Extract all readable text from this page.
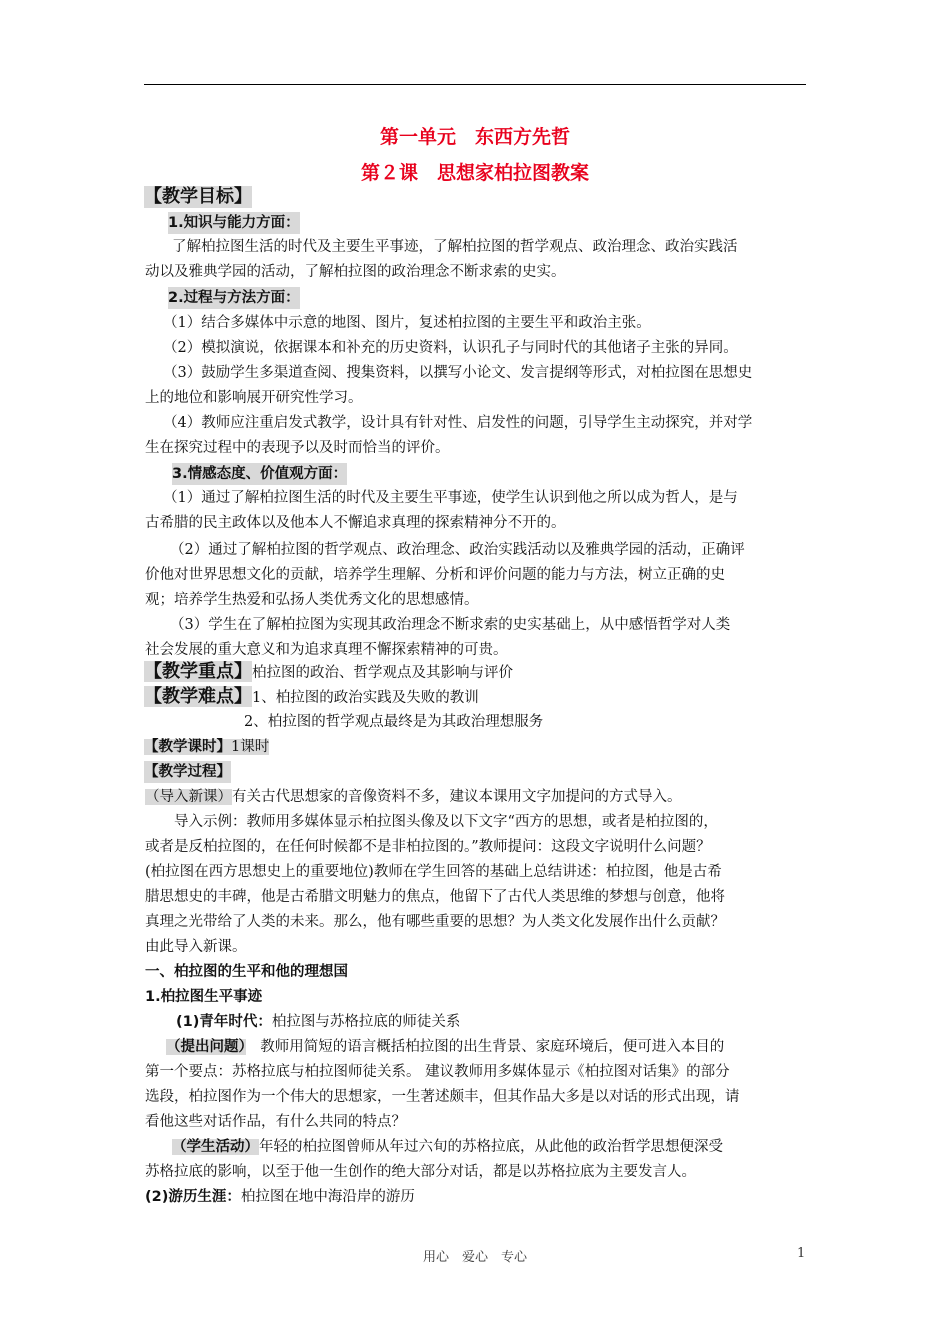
第一单元　东西方先哲
第２课　思想家柏拉图教案
【教学目标】
1.知识与能力方面：
了解柏拉图生活的时代及主要生平事迹，了解柏拉图的哲学观点、政治理念、政治实践活
动以及雅典学园的活动，了解柏拉图的政治理念不断求索的史实。
2.过程与方法方面：
（1）结合多媒体中示意的地图、图片，复述柏拉图的主要生平和政治主张。
（2）模拟演说，依据课本和补充的历史资料，认识孔子与同时代的其他诸子主张的异同。
（3）鼓励学生多渠道查阅、搜集资料，以撰写小论文、发言提纲等形式，对柏拉图在思想史
上的地位和影响展开研究性学习。
（4）教师应注重启发式教学，设计具有针对性、启发性的问题，引导学生主动探究，并对学
生在探究过程中的表现予以及时而恰当的评价。
3.情感态度、价值观方面：
（1）通过了解柏拉图生活的时代及主要生平事迹，使学生认识到他之所以成为哲人，是与
古希腊的民主政体以及他本人不懈追求真理的探索精神分不开的。
（2）通过了解柏拉图的哲学观点、政治理念、政治实践活动以及雅典学园的活动，正确评
价他对世界思想文化的贡献，培养学生理解、分析和评价问题的能力与方法，树立正确的史
观；培养学生热爱和弘扬人类优秀文化的思想感情。
（3）学生在了解柏拉图为实现其政治理念不断求索的史实基础上，从中感悟哲学对人类
社会发展的重大意义和为追求真理不懈探索精神的可贵。
【教学重点】柏拉图的政治、哲学观点及其影响与评价
【教学难点】1、柏拉图的政治实践及失败的教训
2、柏拉图的哲学观点最终是为其政治理想服务
【教学课时】1课时
【教学过程】
（导入新课）有关古代思想家的音像资料不多，建议本课用文字加提问的方式导入。
导入示例：教师用多媒体显示柏拉图头像及以下文字“西方的思想，或者是柏拉图的，
或者是反柏拉图的，在任何时候都不是非柏拉图的。”教师提问：这段文字说明什么问题？
(柏拉图在西方思想史上的重要地位)教师在学生回答的基础上总结讲述：柏拉图，他是古希
腊思想史的丰碑，他是古希腊文明魅力的焦点，他留下了古代人类思维的梦想与创意，他将
真理之光带给了人类的未来。那么，他有哪些重要的思想？为人类文化发展作出什么贡献？
由此导入新课。
一、柏拉图的生平和他的理想国
1.柏拉图生平事迹
(1)青年时代：柏拉图与苏格拉底的师徒关系
（提出问题）　教师用简短的语言概括柏拉图的出生背景、家庭环境后，便可进入本目的
第一个要点：苏格拉底与柏拉图师徒关系。 建议教师用多媒体显示《柏拉图对话集》的部分
选段，柏拉图作为一个伟大的思想家，一生著述颇丰，但其作品大多是以对话的形式出现，请
看他这些对话作品，有什么共同的特点？
（学生活动）年轻的柏拉图曾师从年过六旬的苏格拉底，从此他的政治哲学思想便深受
苏格拉底的影响，以至于他一生创作的绝大部分对话，都是以苏格拉底为主要发言人。
(2)游历生涯：柏拉图在地中海沿岸的游历
用心　爱心　专心	1
